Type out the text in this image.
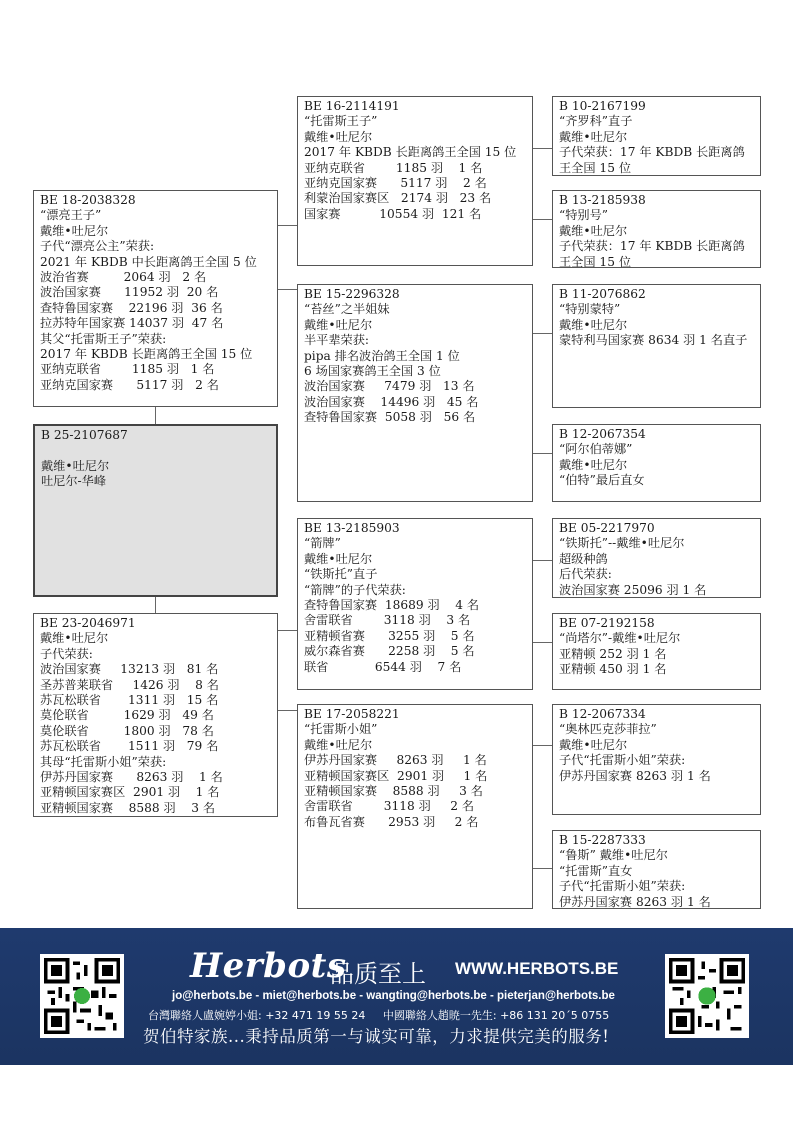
BE 18-2038328
“漂亮王子”
戴维•吐尼尔
子代“漂亮公主”荣获:
2021 年 KBDB 中长距离鸽王全国 5 位
波治省赛         2064 羽   2 名
波治国家赛      11952 羽  20 名
查特鲁国家赛    22196 羽  36 名
拉苏特年国家赛 14037 羽  47 名
其父“托雷斯王子”荣获:
2017 年 KBDB 长距离鸽王全国 15 位
亚纳克联省        1185 羽   1 名
亚纳克国家赛      5117 羽   2 名
B 25-2107687

戴维•吐尼尔
吐尼尔-华峰
BE 23-2046971
戴维•吐尼尔
子代荣获:
波治国家赛     13213 羽   81 名
圣苏普莱联省     1426 羽    8 名
苏瓦松联省       1311 羽   15 名
莫伦联省         1629 羽   49 名
莫伦联省         1800 羽   78 名
苏瓦松联省       1511 羽   79 名
其母“托雷斯小姐”荣获:
伊苏丹国家赛      8263 羽    1 名
亚精顿国家赛区  2901 羽    1 名
亚精顿国家赛    8588 羽    3 名
BE 16-2114191
“托雷斯王子”
戴维•吐尼尔
2017 年 KBDB 长距离鸽王全国 15 位
亚纳克联省        1185 羽    1 名
亚纳克国家赛      5117 羽    2 名
利蒙治国家赛区   2174 羽   23 名
国家赛          10554 羽  121 名
BE 15-2296328
“苔丝”之半姐妹
戴维•吐尼尔
半平辈荣获:
pipa 排名波治鸽王全国 1 位
6 场国家赛鸽王全国 3 位
波治国家赛     7479 羽   13 名
波治国家赛    14496 羽   45 名
查特鲁国家赛  5058 羽   56 名
BE 13-2185903
“箭牌”
戴维•吐尼尔
“铁斯托”直子
“箭牌”的子代荣获:
查特鲁国家赛  18689 羽    4 名
舍雷联省        3118 羽    3 名
亚精顿省赛      3255 羽    5 名
威尔森省赛      2258 羽    5 名
联省            6544 羽    7 名
BE 17-2058221
“托雷斯小姐”
戴维•吐尼尔
伊苏丹国家赛     8263 羽     1 名
亚精顿国家赛区  2901 羽     1 名
亚精顿国家赛    8588 羽     3 名
舍雷联省        3118 羽     2 名
布鲁瓦省赛      2953 羽     2 名
B 10-2167199
“齐罗科”直子
戴维•吐尼尔
子代荣获：17 年 KBDB 长距离鸽王全国 15 位
B 13-2185938
“特别号”
戴维•吐尼尔
子代荣获：17 年 KBDB 长距离鸽王全国 15 位
B 11-2076862
“特别蒙特”
戴维•吐尼尔
蒙特利马国家赛 8634 羽 1 名直子
B 12-2067354
“阿尔伯蒂娜”
戴维•吐尼尔
“伯特”最后直女
BE 05-2217970
“铁斯托”--戴维•吐尼尔
超级种鸽
后代荣获:
波治国家赛 25096 羽 1 名
BE 07-2192158
“尚塔尔”-戴维•吐尼尔
亚精顿 252 羽 1 名
亚精顿 450 羽 1 名
B 12-2067334
“奥林匹克莎菲拉”
戴维•吐尼尔
子代“托雷斯小姐”荣获:
伊苏丹国家赛 8263 羽 1 名
B 15-2287333
“鲁斯” 戴维•吐尼尔
“托雷斯”直女
子代“托雷斯小姐”荣获:
伊苏丹国家赛 8263 羽 1 名
Herbots
品质至上 WWW.HERBOTS.BE
jo@herbots.be - miet@herbots.be - wangting@herbots.be - pieterjan@herbots.be
台灣聯絡人盧婉婷小姐: +32 471 19 55 24     中國聯絡人趙暁一先生: +86 131 20´5 0755
贺伯特家族...秉持品质第一与诚实可靠，力求提供完美的服务!
